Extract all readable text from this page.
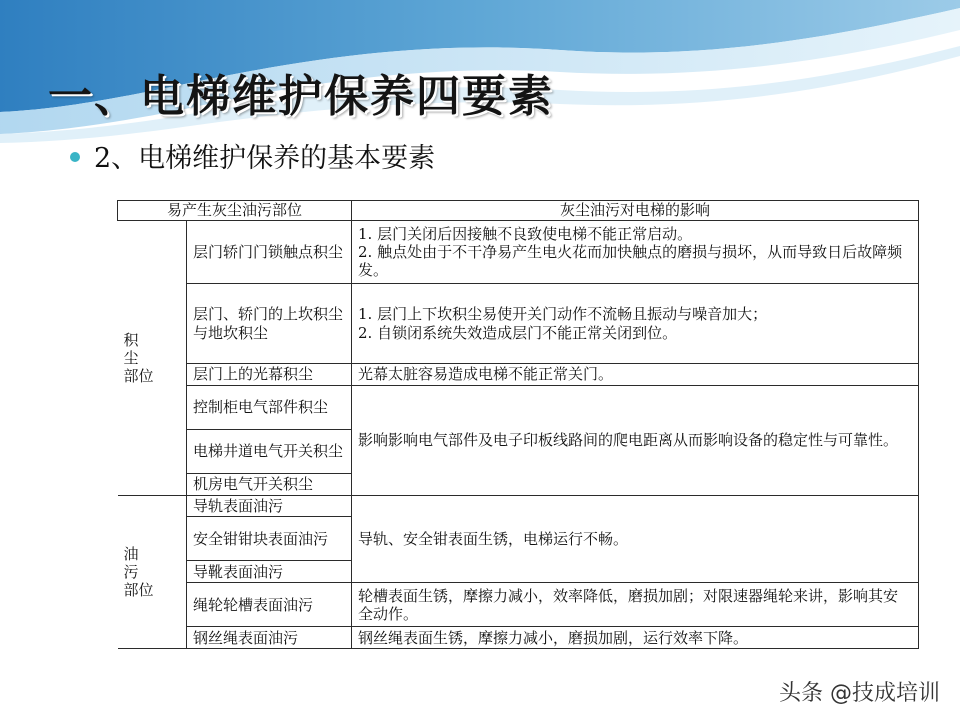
一、电梯维护保养四要素
2、电梯维护保养的基本要素
易产生灰尘油污部位		灰尘油污对电梯的影响

积 尘
部位	层门轿门门锁触点积尘	1. 层门关闭后因接触不良致使电梯不能正常启动。
2. 触点处由于不干净易产生电火花而加快触点的磨损与损坏，从而导致日后故障频发。

	层门、轿门的上坎积尘与地坎积尘	1. 层门上下坎积尘易使开关门动作不流畅且振动与噪音加大；
2. 自锁闭系统失效造成层门不能正常关闭到位。

	层门上的光幕积尘	光幕太脏容易造成电梯不能正常关门。
	控制柜电气部件积尘	影响影响电气部件及电子印板线路间的爬电距离从而影响设备的稳定性与可靠性。
	电梯井道电气开关积尘	
	机房电气开关积尘	

油 污
部位	导轨表面油污	导轨、安全钳表面生锈，电梯运行不畅。
	安全钳钳块表面油污	
	导靴表面油污	
	绳轮轮槽表面油污	轮槽表面生锈，摩擦力减小，效率降低，磨损加剧；对限速器绳轮来讲，影响其安全动作。
	钢丝绳表面油污	钢丝绳表面生锈，摩擦力减小，磨损加剧，运行效率下降。
头条 @技成培训
